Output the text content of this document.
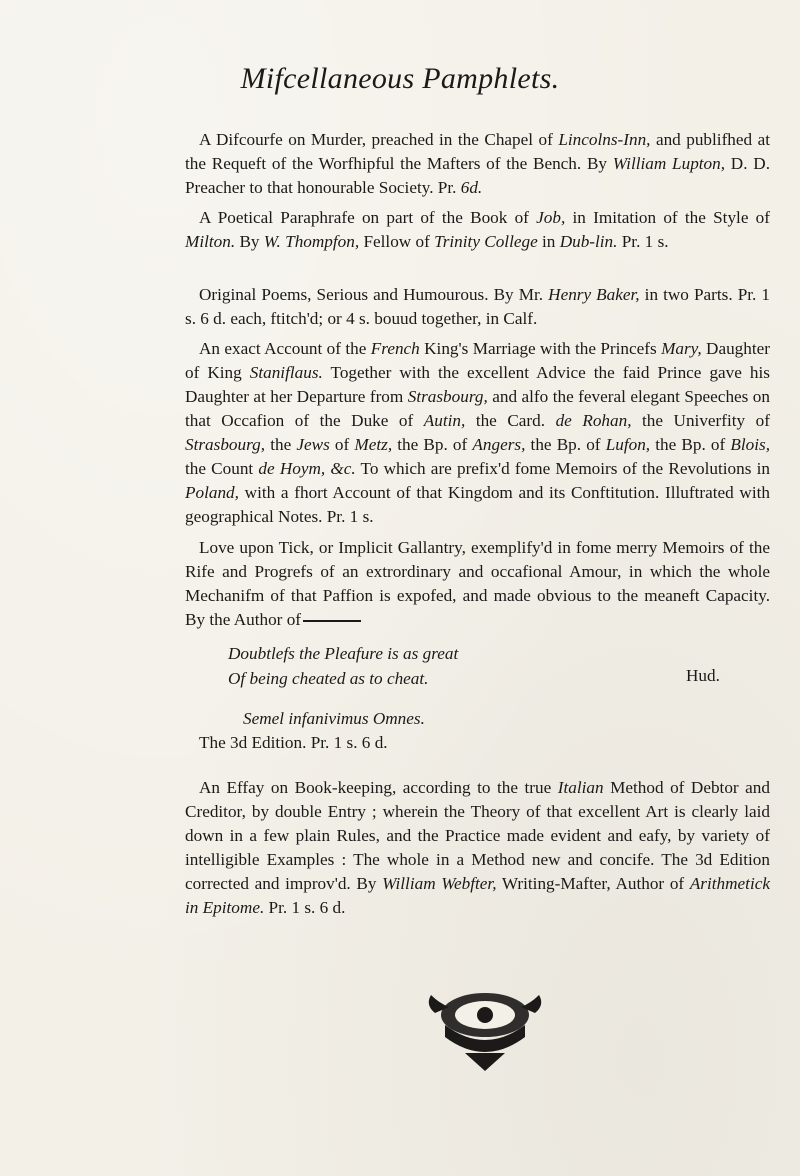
Mifcellaneous Pamphlets.

A Difcourfe on Murder, preached in the Chapel of Lincolns-Inn, and publifhed at the Requeft of the Worfhipful the Mafters of the Bench. By William Lupton, D. D. Preacher to that honourable Society. Pr. 6d.

A Poetical Paraphrafe on part of the Book of Job, in Imitation of the Style of Milton. By W. Thompfon, Fellow of Trinity College in Dub-lin. Pr. 1 s.

Original Poems, Serious and Humourous. By Mr. Henry Baker, in two Parts. Pr. 1 s. 6 d. each, ftitch'd; or 4 s. bouud together, in Calf.

An exact Account of the French King's Marriage with the Princefs Mary, Daughter of King Staniflaus. Together with the excellent Advice the faid Prince gave his Daughter at her Departure from Strasbourg, and alfo the feveral elegant Speeches on that Occafion of the Duke of Autin, the Card. de Rohan, the Univerfity of Strasbourg, the Jews of Metz, the Bp. of Angers, the Bp. of Lufon, the Bp. of Blois, the Count de Hoym, &c. To which are prefix'd fome Memoirs of the Revolutions in Poland, with a fhort Account of that Kingdom and its Conftitution. Illuftrated with geographical Notes. Pr. 1 s.

Love upon Tick, or Implicit Gallantry, exemplify'd in fome merry Memoirs of the Rife and Progrefs of an extrordinary and occafional Amour, in which the whole Mechanifm of that Paffion is expofed, and made obvious to the meaneft Capacity. By the Author of

Doubtlefs the Pleafure is as great
Of being cheated as to cheat.	Hud.
Semel infanivimus Omnes.
The 3d Edition. Pr. 1 s. 6 d.

An Effay on Book-keeping, according to the true Italian Method of Debtor and Creditor, by double Entry ; wherein the Theory of that excellent Art is clearly laid down in a few plain Rules, and the Practice made evident and eafy, by variety of intelligible Examples : The whole in a Method new and concife. The 3d Edition corrected and improv'd. By William Webfter, Writing-Mafter, Author of Arithmetick in Epitome. Pr. 1 s. 6 d.
